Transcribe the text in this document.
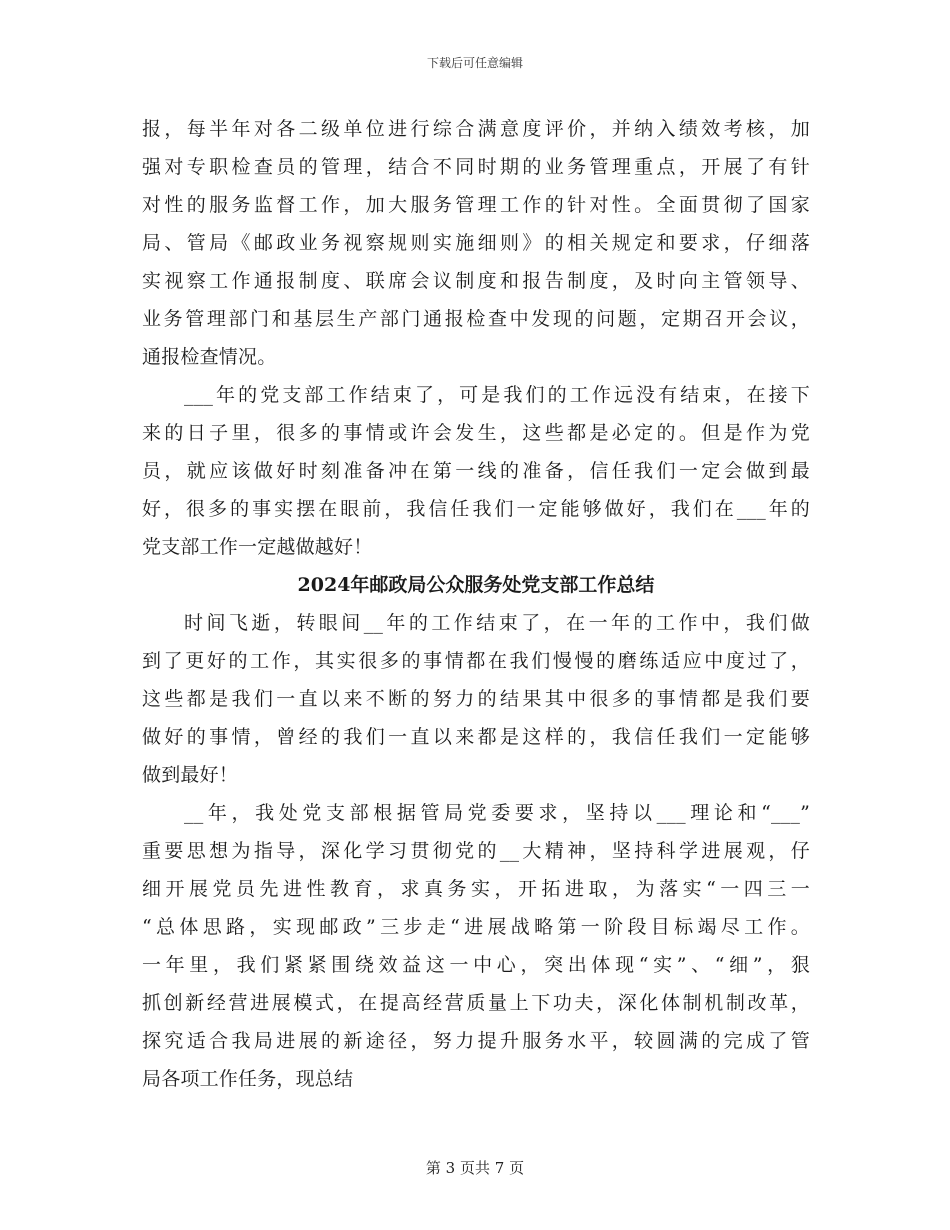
下载后可任意编辑
报，每半年对各二级单位进行综合满意度评价，并纳入绩效考核，加
强对专职检查员的管理，结合不同时期的业务管理重点，开展了有针
对性的服务监督工作，加大服务管理工作的针对性。全面贯彻了国家
局、管局《邮政业务视察规则实施细则》的相关规定和要求，仔细落
实视察工作通报制度、联席会议制度和报告制度，及时向主管领导、
业务管理部门和基层生产部门通报检查中发现的问题，定期召开会议，
通报检查情况。
___年的党支部工作结束了，可是我们的工作远没有结束，在接下
来的日子里，很多的事情或许会发生，这些都是必定的。但是作为党
员，就应该做好时刻准备冲在第一线的准备，信任我们一定会做到最
好，很多的事实摆在眼前，我信任我们一定能够做好，我们在___年的
党支部工作一定越做越好！
2024年邮政局公众服务处党支部工作总结
时间飞逝，转眼间__年的工作结束了，在一年的工作中，我们做
到了更好的工作，其实很多的事情都在我们慢慢的磨练适应中度过了，
这些都是我们一直以来不断的努力的结果其中很多的事情都是我们要
做好的事情，曾经的我们一直以来都是这样的，我信任我们一定能够
做到最好！
__年，我处党支部根据管局党委要求，坚持以___理论和“___”
重要思想为指导，深化学习贯彻党的__大精神，坚持科学进展观，仔
细开展党员先进性教育，求真务实，开拓进取，为落实“一四三一
“总体思路，实现邮政”三步走“进展战略第一阶段目标竭尽工作。
一年里，我们紧紧围绕效益这一中心，突出体现“实”、“细”，狠
抓创新经营进展模式，在提高经营质量上下功夫，深化体制机制改革，
探究适合我局进展的新途径，努力提升服务水平，较圆满的完成了管
局各项工作任务，现总结
第 3 页共 7 页
